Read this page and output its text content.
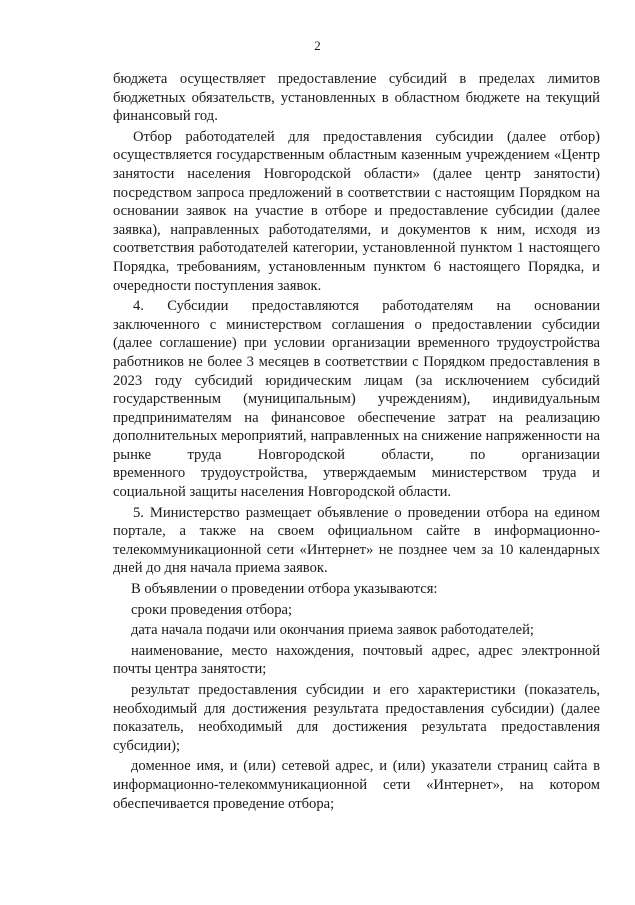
2
бюджета осуществляет предоставление субсидий в пределах лимитов
бюджетных обязательств, установленных в областном бюджете на текущий
финансовый год.
Отбор работодателей для предоставления субсидии (далее отбор)
осуществляется государственным областным казенным учреждением «Центр
занятости населения Новгородской области» (далее центр занятости)
посредством запроса предложений в соответствии с настоящим Порядком на
основании заявок на участие в отборе и предоставление субсидии (далее
заявка), направленных работодателями, и документов к ним, исходя из
соответствия работодателей категории, установленной пунктом 1 настоящего
Порядка, требованиям, установленным пунктом 6 настоящего Порядка, и
очередности поступления заявок.
4. Субсидии предоставляются работодателям на основании
заключенного с министерством соглашения о предоставлении субсидии
(далее соглашение) при условии организации временного трудоустройства
работников не более 3 месяцев в соответствии с Порядком предоставления в
2023 году субсидий юридическим лицам (за исключением субсидий
государственным (муниципальным) учреждениям), индивидуальным
предпринимателям на финансовое обеспечение затрат на реализацию
дополнительных мероприятий, направленных на снижение напряженности на
рынке труда Новгородской области, по организации
временного трудоустройства, утверждаемым министерством труда и
социальной защиты населения Новгородской области.
5. Министерство размещает объявление о проведении отбора на едином
портале, а также на своем официальном сайте в информационно-
телекоммуникационной сети «Интернет» не позднее чем за 10 календарных
дней до дня начала приема заявок.
В объявлении о проведении отбора указываются:
сроки проведения отбора;
дата начала подачи или окончания приема заявок работодателей;
наименование, место нахождения, почтовый адрес, адрес электронной
почты центра занятости;
результат предоставления субсидии и его характеристики (показатель,
необходимый для достижения результата предоставления субсидии) (далее
показатель, необходимый для достижения результата предоставления
субсидии);
доменное имя, и (или) сетевой адрес, и (или) указатели страниц сайта в
информационно-телекоммуникационной сети «Интернет», на котором
обеспечивается проведение отбора;
